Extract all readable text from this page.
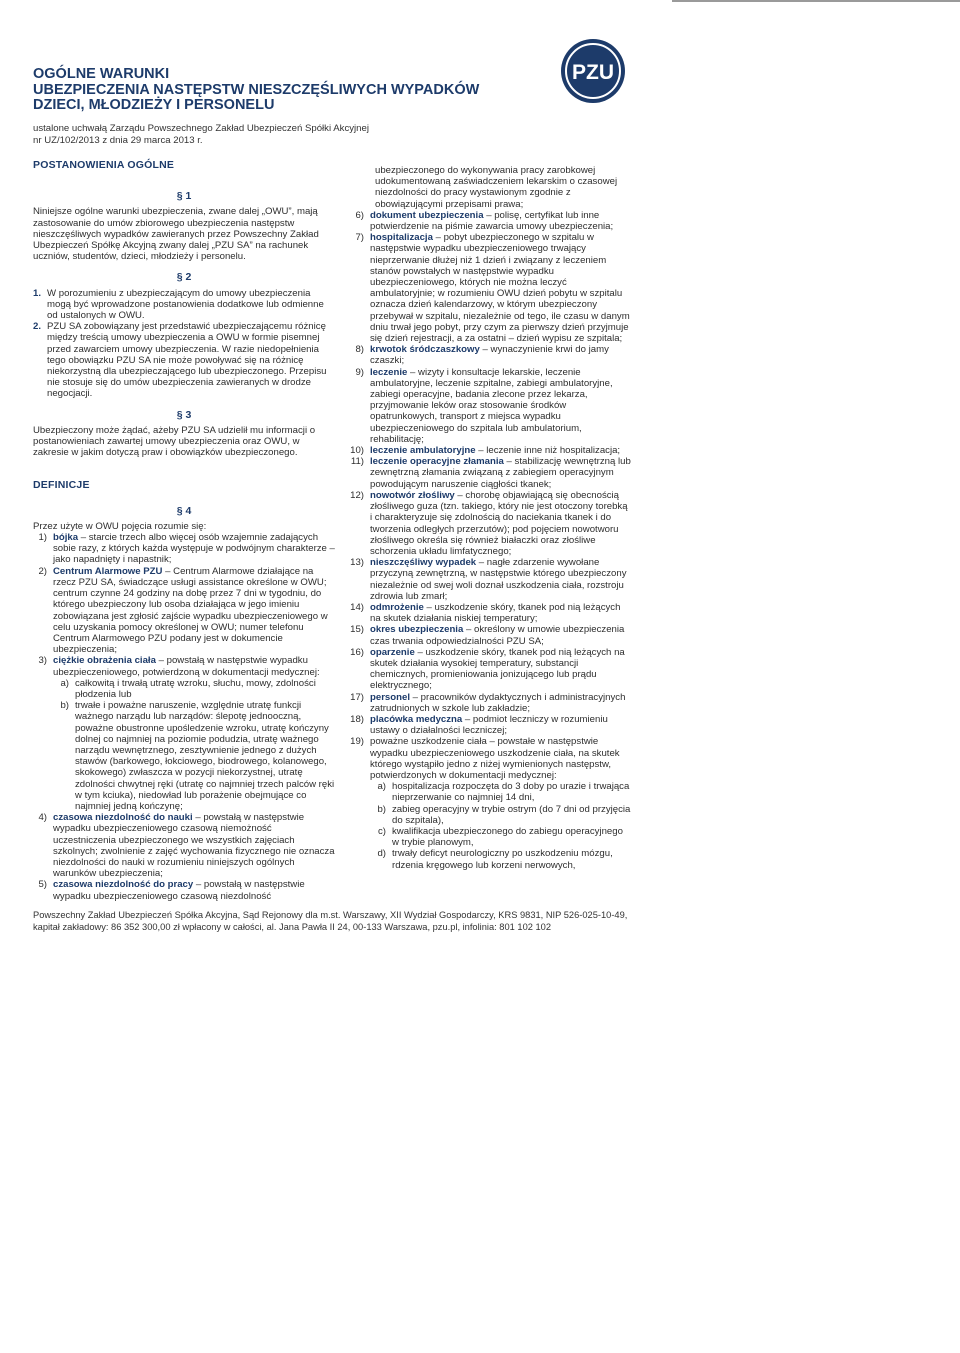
OGÓLNE WARUNKI
UBEZPIECZENIA NASTĘPSTW NIESZCZĘŚLIWYCH WYPADKÓW
DZIECI, MŁODZIEŻY I PERSONELU
ustalone uchwałą Zarządu Powszechnego Zakład Ubezpieczeń Spółki Akcyjnej
nr UZ/102/2013 z dnia 29 marca 2013 r.
PZU
POSTANOWIENIA OGÓLNE
§ 1

Niniejsze ogólne warunki ubezpieczenia, zwane dalej „OWU”, mają zastosowanie do umów zbiorowego ubezpieczenia następstw nieszczęśliwych wypadków zawieranych przez Powszechny Zakład Ubezpieczeń Spółkę Akcyjną zwany dalej „PZU SA” na rachunek uczniów, studentów, dzieci, młodzieży i personelu.

§ 2
1. W porozumieniu z ubezpieczającym do umowy ubezpieczenia mogą być wprowadzone postanowienia dodatkowe lub odmienne od ustalonych w OWU.
2. PZU SA zobowiązany jest przedstawić ubezpieczającemu różnicę między treścią umowy ubezpieczenia a OWU w formie pisemnej przed zawarciem umowy ubezpieczenia. W razie niedopełnienia tego obowiązku PZU SA nie może powoływać się na różnicę niekorzystną dla ubezpieczającego lub ubezpieczonego. Przepisu nie stosuje się do umów ubezpieczenia zawieranych w drodze negocjacji.
§ 3

Ubezpieczony może żądać, ażeby PZU SA udzielił mu informacji o postanowieniach zawartej umowy ubezpieczenia oraz OWU, w zakresie w jakim dotyczą praw i obowiązków ubezpieczonego.

DEFINICJE
§ 4

Przez użyte w OWU pojęcia rozumie się:

1) bójka – starcie trzech albo więcej osób wzajemnie zadających sobie razy, z których każda występuje w podwójnym charakterze – jako napadnięty i napastnik;
2) Centrum Alarmowe PZU – Centrum Alarmowe działające na rzecz PZU SA, świadczące usługi assistance określone w OWU; centrum czynne 24 godziny na dobę przez 7 dni w tygodniu, do którego ubezpieczony lub osoba działająca w jego imieniu zobowiązana jest zgłosić zajście wypadku ubezpieczeniowego w celu uzyskania pomocy określonej w OWU; numer telefonu Centrum Alarmowego PZU podany jest w dokumencie ubezpieczenia;
3) ciężkie obrażenia ciała – powstałą w następstwie wypadku ubezpieczeniowego, potwierdzoną w dokumentacji medycznej:
a) całkowitą i trwałą utratę wzroku, słuchu, mowy, zdolności płodzenia lub
b) trwałe i poważne naruszenie, względnie utratę funkcji ważnego narządu lub narządów: ślepotę jednooczną, poważne obustronne upośledzenie wzroku, utratę kończyny dolnej co najmniej na poziomie podudzia, utratę ważnego narządu wewnętrznego, zesztywnienie jednego z dużych stawów (barkowego, łokciowego, biodrowego, kolanowego, skokowego) zwłaszcza w pozycji niekorzystnej, utratę zdolności chwytnej ręki (utratę co najmniej trzech palców ręki w tym kciuka), niedowład lub porażenie obejmujące co najmniej jedną kończynę;
4) czasowa niezdolność do nauki – powstałą w następstwie wypadku ubezpieczeniowego czasową niemożność uczestniczenia ubezpieczonego we wszystkich zajęciach szkolnych; zwolnienie z zajęć wychowania fizycznego nie oznacza niezdolności do nauki w rozumieniu niniejszych ogólnych warunków ubezpieczenia;
5) czasowa niezdolność do pracy – powstałą w następstwie wypadku ubezpieczeniowego czasową niezdolność
ubezpieczonego do wykonywania pracy zarobkowej udokumentowaną zaświadczeniem lekarskim o czasowej niezdolności do pracy wystawionym zgodnie z obowiązującymi przepisami prawa;
6) dokument ubezpieczenia – polisę, certyfikat lub inne potwierdzenie na piśmie zawarcia umowy ubezpieczenia;
7) hospitalizacja – pobyt ubezpieczonego w szpitalu w następstwie wypadku ubezpieczeniowego trwający nieprzerwanie dłużej niż 1 dzień i związany z leczeniem stanów powstałych w następstwie wypadku ubezpieczeniowego, których nie można leczyć ambulatoryjnie; w rozumieniu OWU dzień pobytu w szpitalu oznacza dzień kalendarzowy, w którym ubezpieczony przebywał w szpitalu, niezależnie od tego, ile czasu w danym dniu trwał jego pobyt, przy czym za pierwszy dzień przyjmuje się dzień rejestracji, a za ostatni – dzień wypisu ze szpitala;
8) krwotok śródczaszkowy – wynaczynienie krwi do jamy czaszki;
9) leczenie – wizyty i konsultacje lekarskie, leczenie ambulatoryjne, leczenie szpitalne, zabiegi ambulatoryjne, zabiegi operacyjne, badania zlecone przez lekarza, przyjmowanie leków oraz stosowanie środków opatrunkowych, transport z miejsca wypadku ubezpieczeniowego do szpitala lub ambulatorium, rehabilitację;
10) leczenie ambulatoryjne – leczenie inne niż hospitalizacja;
11) leczenie operacyjne złamania – stabilizację wewnętrzną lub zewnętrzną złamania związaną z zabiegiem operacyjnym powodującym naruszenie ciągłości tkanek;
12) nowotwór złośliwy – chorobę objawiającą się obecnością złośliwego guza (tzn. takiego, który nie jest otoczony torebką i charakteryzuje się zdolnością do naciekania tkanek i do tworzenia odległych przerzutów); pod pojęciem nowotworu złośliwego określa się również białaczki oraz złośliwe schorzenia układu limfatycznego;
13) nieszczęśliwy wypadek – nagłe zdarzenie wywołane przyczyną zewnętrzną, w następstwie którego ubezpieczony niezależnie od swej woli doznał uszkodzenia ciała, rozstroju zdrowia lub zmarł;
14) odmrożenie – uszkodzenie skóry, tkanek pod nią leżących na skutek działania niskiej temperatury;
15) okres ubezpieczenia – określony w umowie ubezpieczenia czas trwania odpowiedzialności PZU SA;
16) oparzenie – uszkodzenie skóry, tkanek pod nią leżących na skutek działania wysokiej temperatury, substancji chemicznych, promieniowania jonizującego lub prądu elektrycznego;
17) personel – pracowników dydaktycznych i administracyjnych zatrudnionych w szkole lub zakładzie;
18) placówka medyczna – podmiot leczniczy w rozumieniu ustawy o działalności leczniczej;
19) poważne uszkodzenie ciała – powstałe w następstwie wypadku ubezpieczeniowego uszkodzenie ciała, na skutek którego wystąpiło jedno z niżej wymienionych następstw, potwierdzonych w dokumentacji medycznej:
a) hospitalizacja rozpoczęta do 3 doby po urazie i trwająca nieprzerwanie co najmniej 14 dni,
b) zabieg operacyjny w trybie ostrym (do 7 dni od przyjęcia do szpitala),
c) kwalifikacja ubezpieczonego do zabiegu operacyjnego w trybie planowym,
d) trwały deficyt neurologiczny po uszkodzeniu mózgu, rdzenia kręgowego lub korzeni nerwowych,
Powszechny Zakład Ubezpieczeń Spółka Akcyjna, Sąd Rejonowy dla m.st. Warszawy, XII Wydział Gospodarczy, KRS 9831, NIP 526-025-10-49,
kapitał zakładowy: 86 352 300,00 zł wpłacony w całości, al. Jana Pawła II 24, 00-133 Warszawa, pzu.pl, infolinia: 801 102 102
